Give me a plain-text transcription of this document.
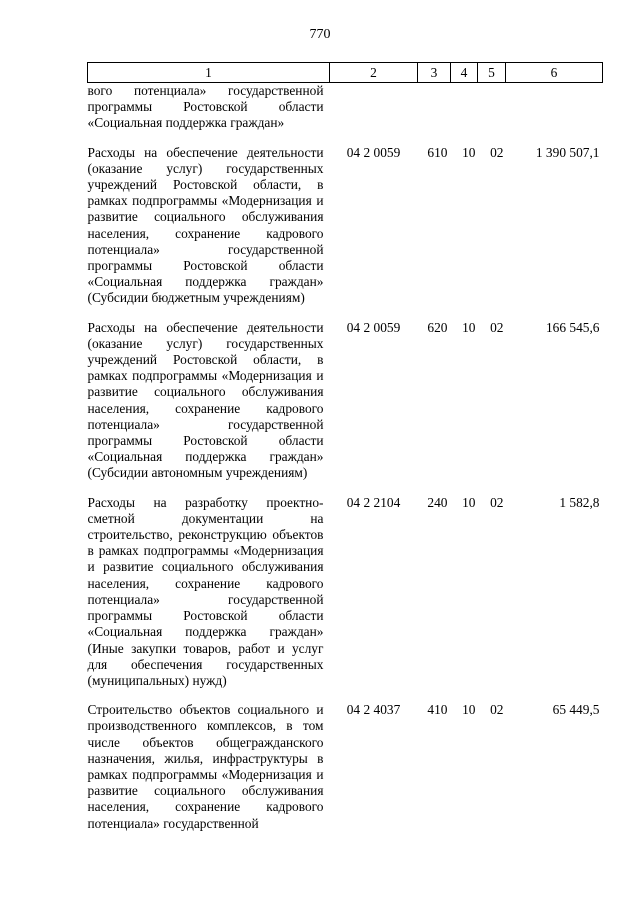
770
1	2	3	4	5	6
вого потенциала» государственной программы Ростовской области «Социальная поддержка граждан»					
Расходы на обеспечение деятельности (оказание услуг) государственных учреждений Ростовской области, в рамках подпрограммы «Модернизация и развитие социального обслуживания населения, сохранение кадрового потенциала» государственной программы Ростовской области «Социальная поддержка граждан» (Субсидии бюджетным учреждениям)	04 2 0059	610	10	02	1 390 507,1
Расходы на обеспечение деятельности (оказание услуг) государственных учреждений Ростовской области, в рамках подпрограммы «Модернизация и развитие социального обслуживания населения, сохранение кадрового потенциала» государственной программы Ростовской области «Социальная поддержка граждан» (Субсидии автономным учреждениям)	04 2 0059	620	10	02	166 545,6
Расходы на разработку проектно-сметной документации на строительство, реконструкцию объектов в рамках подпрограммы «Модернизация и развитие социального обслуживания населения, сохранение кадрового потенциала» государственной программы Ростовской области «Социальная поддержка граждан» (Иные закупки товаров, работ и услуг для обеспечения государственных (муниципальных) нужд)	04 2 2104	240	10	02	1 582,8
Строительство объектов социального и производственного комплексов, в том числе объектов общегражданского назначения, жилья, инфраструктуры в рамках подпрограммы «Модернизация и развитие социального обслуживания населения, сохранение кадрового потенциала» государственной	04 2 4037	410	10	02	65 449,5
